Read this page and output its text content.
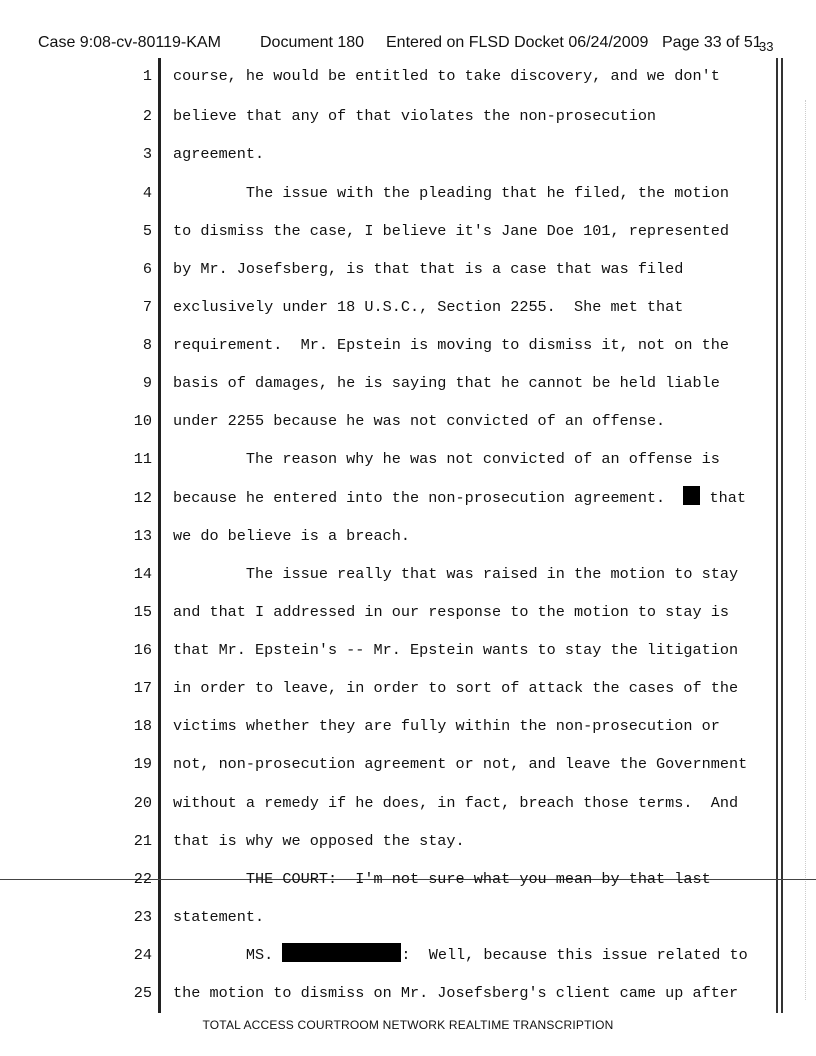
Case 9:08-cv-80119-KAM Document 180 Entered on FLSD Docket 06/24/2009 Page 33 of 51
33
1 course, he would be entitled to take discovery, and we don't
2 believe that any of that violates the non-prosecution
3 agreement.
4 The issue with the pleading that he filed, the motion
5 to dismiss the case, I believe it's Jane Doe 101, represented
6 by Mr. Josefsberg, is that that is a case that was filed
7 exclusively under 18 U.S.C., Section 2255.  She met that
8 requirement.  Mr. Epstein is moving to dismiss it, not on the
9 basis of damages, he is saying that he cannot be held liable
10 under 2255 because he was not convicted of an offense.
11 The reason why he was not convicted of an offense is
12 because he entered into the non-prosecution agreement.   that
13 we do believe is a breach.
14 The issue really that was raised in the motion to stay
15 and that I addressed in our response to the motion to stay is
16 that Mr. Epstein's -- Mr. Epstein wants to stay the litigation
17 in order to leave, in order to sort of attack the cases of the
18 victims whether they are fully within the non-prosecution or
19 not, non-prosecution agreement or not, and leave the Government
20 without a remedy if he does, in fact, breach those terms.  And
21 that is why we opposed the stay.
22 THE COURT:  I'm not sure what you mean by that last
23 statement.
24 MS.	:  Well, because this issue related to
25 the motion to dismiss on Mr. Josefsberg's client came up after
TOTAL ACCESS COURTROOM NETWORK REALTIME TRANSCRIPTION
